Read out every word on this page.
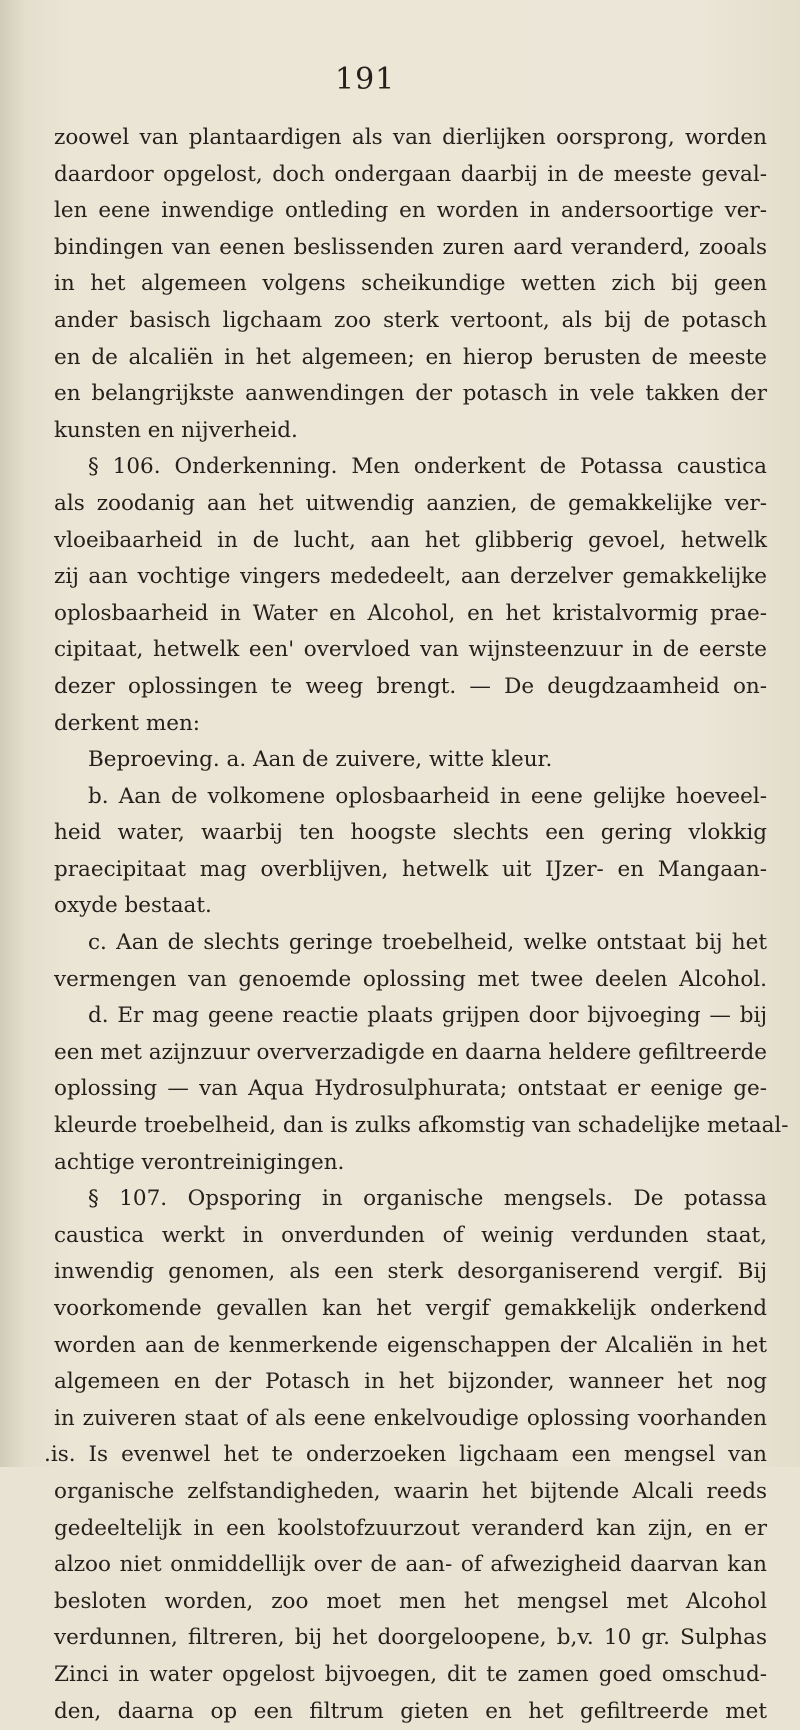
191
zoowel van plantaardigen als van dierlijken oorsprong, worden
daardoor opgelost, doch ondergaan daarbij in de meeste geval-
len eene inwendige ontleding en worden in andersoortige ver-
bindingen van eenen beslissenden zuren aard veranderd, zooals
in het algemeen volgens scheikundige wetten zich bij geen
ander basisch ligchaam zoo sterk vertoont, als bij de potasch
en de alcaliën in het algemeen; en hierop berusten de meeste
en belangrijkste aanwendingen der potasch in vele takken der
kunsten en nijverheid.
§ 106. Onderkenning. Men onderkent de Potassa caustica
als zoodanig aan het uitwendig aanzien, de gemakkelijke ver-
vloeibaarheid in de lucht, aan het glibberig gevoel, hetwelk
zij aan vochtige vingers mededeelt, aan derzelver gemakkelijke
oplosbaarheid in Water en Alcohol, en het kristalvormig prae-
cipitaat, hetwelk een' overvloed van wijnsteenzuur in de eerste
dezer oplossingen te weeg brengt. — De deugdzaamheid on-
derkent men:
Beproeving. a. Aan de zuivere, witte kleur.
b. Aan de volkomene oplosbaarheid in eene gelijke hoeveel-
heid water, waarbij ten hoogste slechts een gering vlokkig
praecipitaat mag overblijven, hetwelk uit IJzer- en Mangaan-
oxyde bestaat.
c. Aan de slechts geringe troebelheid, welke ontstaat bij het
vermengen van genoemde oplossing met twee deelen Alcohol.
d. Er mag geene reactie plaats grijpen door bijvoeging — bij
een met azijnzuur oververzadigde en daarna heldere gefiltreerde
oplossing — van Aqua Hydrosulphurata; ontstaat er eenige ge-
kleurde troebelheid, dan is zulks afkomstig van schadelijke metaal-
achtige verontreinigingen.
§ 107. Opsporing in organische mengsels. De potassa
caustica werkt in onverdunden of weinig verdunden staat,
inwendig genomen, als een sterk desorganiserend vergif. Bij
voorkomende gevallen kan het vergif gemakkelijk onderkend
worden aan de kenmerkende eigenschappen der Alcaliën in het
algemeen en der Potasch in het bijzonder, wanneer het nog
in zuiveren staat of als eene enkelvoudige oplossing voorhanden
.is. Is evenwel het te onderzoeken ligchaam een mengsel van
organische zelfstandigheden, waarin het bijtende Alcali reeds
gedeeltelijk in een koolstofzuurzout veranderd kan zijn, en er
alzoo niet onmiddellijk over de aan- of afwezigheid daarvan kan
besloten worden, zoo moet men het mengsel met Alcohol
verdunnen, filtreren, bij het doorgeloopene, b,v. 10 gr. Sulphas
Zinci in water opgelost bijvoegen, dit te zamen goed omschud-
den, daarna op een filtrum gieten en het gefiltreerde met
